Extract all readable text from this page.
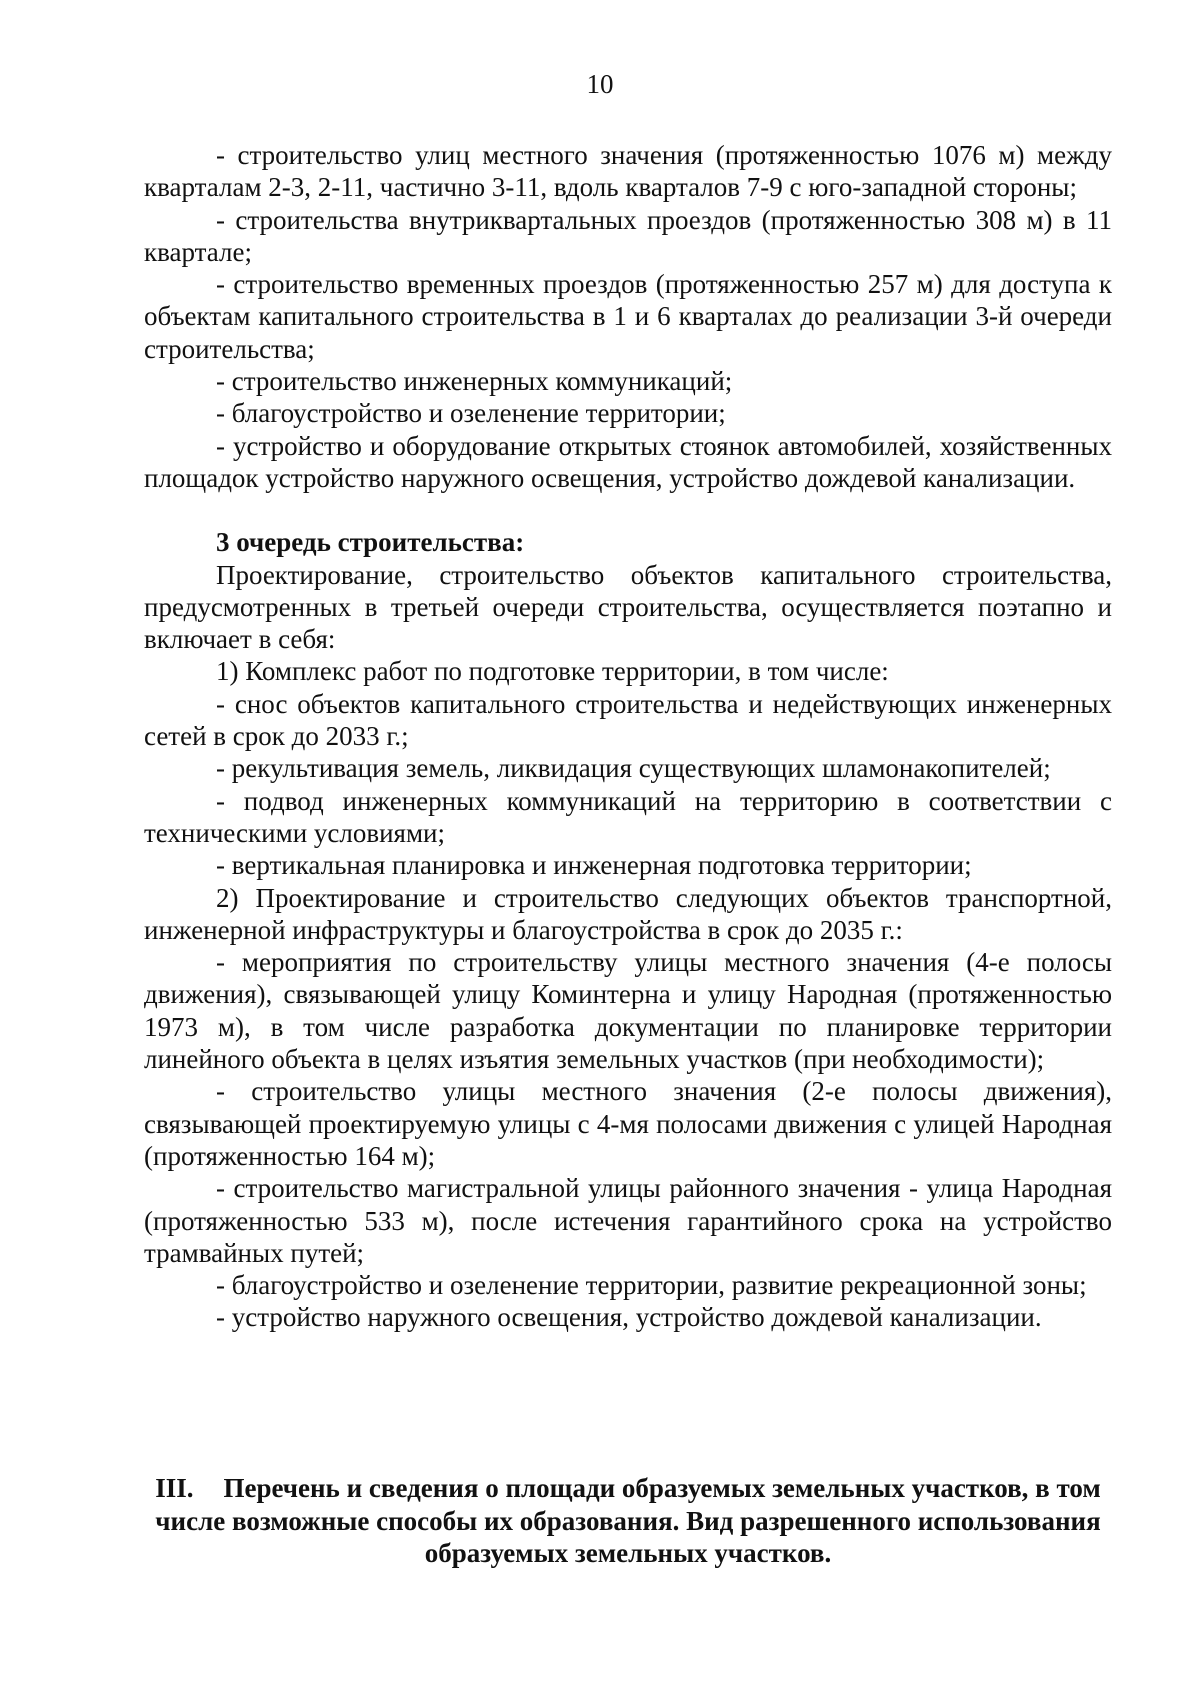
10

- строительство улиц местного значения (протяженностью 1076 м) между кварталам 2-3, 2-11, частично 3-11, вдоль кварталов 7-9 с юго-западной стороны;

- строительства внутриквартальных проездов (протяженностью 308 м) в 11 квартале;

- строительство временных проездов (протяженностью 257 м) для доступа к объектам капитального строительства в 1 и 6 кварталах до реализации 3-й очереди строительства;

- строительство инженерных коммуникаций;

- благоустройство и озеленение территории;

- устройство и оборудование открытых стоянок автомобилей, хозяйственных площадок устройство наружного освещения, устройство дождевой канализации.

3 очередь строительства:

Проектирование, строительство объектов капитального строительства, предусмотренных в третьей очереди строительства, осуществляется поэтапно и включает в себя:

1) Комплекс работ по подготовке территории, в том числе:

- снос объектов капитального строительства и недействующих инженерных сетей в срок до 2033 г.;

- рекультивация земель, ликвидация существующих шламонакопителей;

- подвод инженерных коммуникаций на территорию в соответствии с техническими условиями;

- вертикальная планировка и инженерная подготовка территории;

2) Проектирование и строительство следующих объектов транспортной, инженерной инфраструктуры и благоустройства в срок до 2035 г.:

- мероприятия по строительству улицы местного значения (4-е полосы движения), связывающей улицу Коминтерна и улицу Народная (протяженностью 1973 м), в том числе разработка документации по планировке территории линейного объекта в целях изъятия земельных участков (при необходимости);

- строительство улицы местного значения (2-е полосы движения), связывающей проектируемую улицы с 4-мя полосами движения с улицей Народная (протяженностью 164 м);

- строительство магистральной улицы районного значения - улица Народная (протяженностью 533 м), после истечения гарантийного срока на устройство трамвайных путей;

- благоустройство и озеленение территории, развитие рекреационной зоны;

- устройство наружного освещения, устройство дождевой канализации.

III. Перечень и сведения о площади образуемых земельных участков, в том числе возможные способы их образования. Вид разрешенного использования образуемых земельных участков.
